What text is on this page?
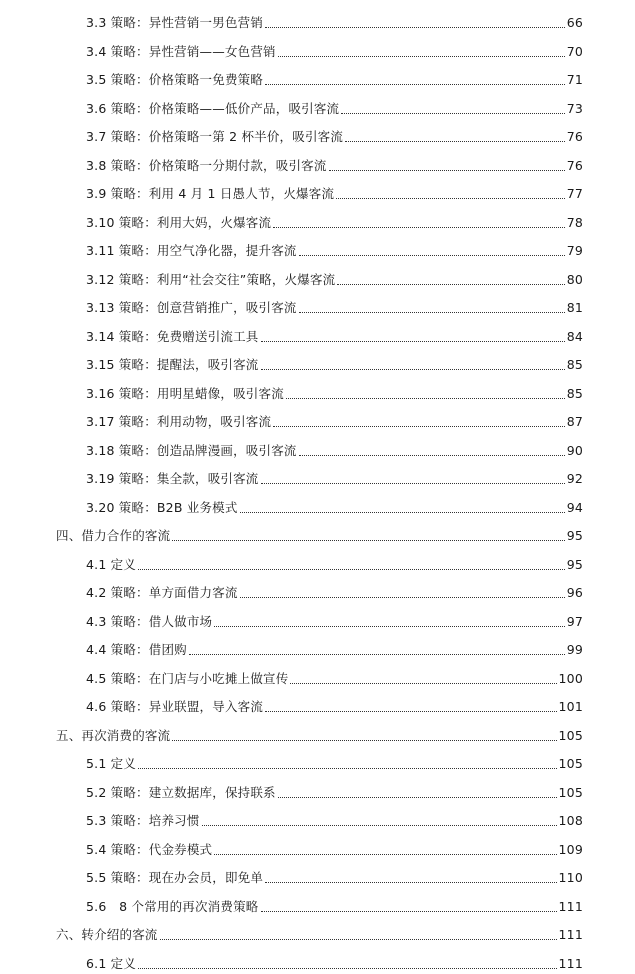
3.3 策略：异性营销一男色营销	66
3.4 策略：异性营销——女色营销	70
3.5 策略：价格策略一免费策略	71
3.6 策略：价格策略——低价产品，吸引客流	73
3.7 策略：价格策略一第 2 杯半价，吸引客流	76
3.8 策略：价格策略一分期付款，吸引客流	76
3.9 策略：利用 4 月 1 日愚人节，火爆客流	77
3.10 策略：利用大妈，火爆客流	78
3.11 策略：用空气净化器，提升客流	79
3.12 策略：利用“社会交往”策略，火爆客流	80
3.13 策略：创意营销推广，吸引客流	81
3.14 策略：免费赠送引流工具	84
3.15 策略：提醒法，吸引客流	85
3.16 策略：用明星蜡像，吸引客流	85
3.17 策略：利用动物，吸引客流	87
3.18 策略：创造品牌漫画，吸引客流	90
3.19 策略：集全款，吸引客流	92
3.20 策略：B2B 业务模式	94
四、借力合作的客流	95
4.1 定义	95
4.2 策略：单方面借力客流	96
4.3 策略：借人做市场	97
4.4 策略：借团购	99
4.5 策略：在门店与小吃摊上做宣传	100
4.6 策略：异业联盟，导入客流	101
五、再次消费的客流	105
5.1 定义	105
5.2 策略：建立数据库，保持联系	105
5.3 策略：培养习惯	108
5.4 策略：代金券模式	109
5.5 策略：现在办会员，即免单	110
5.6　8 个常用的再次消费策略	111
六、转介绍的客流	111
6.1 定义	111
